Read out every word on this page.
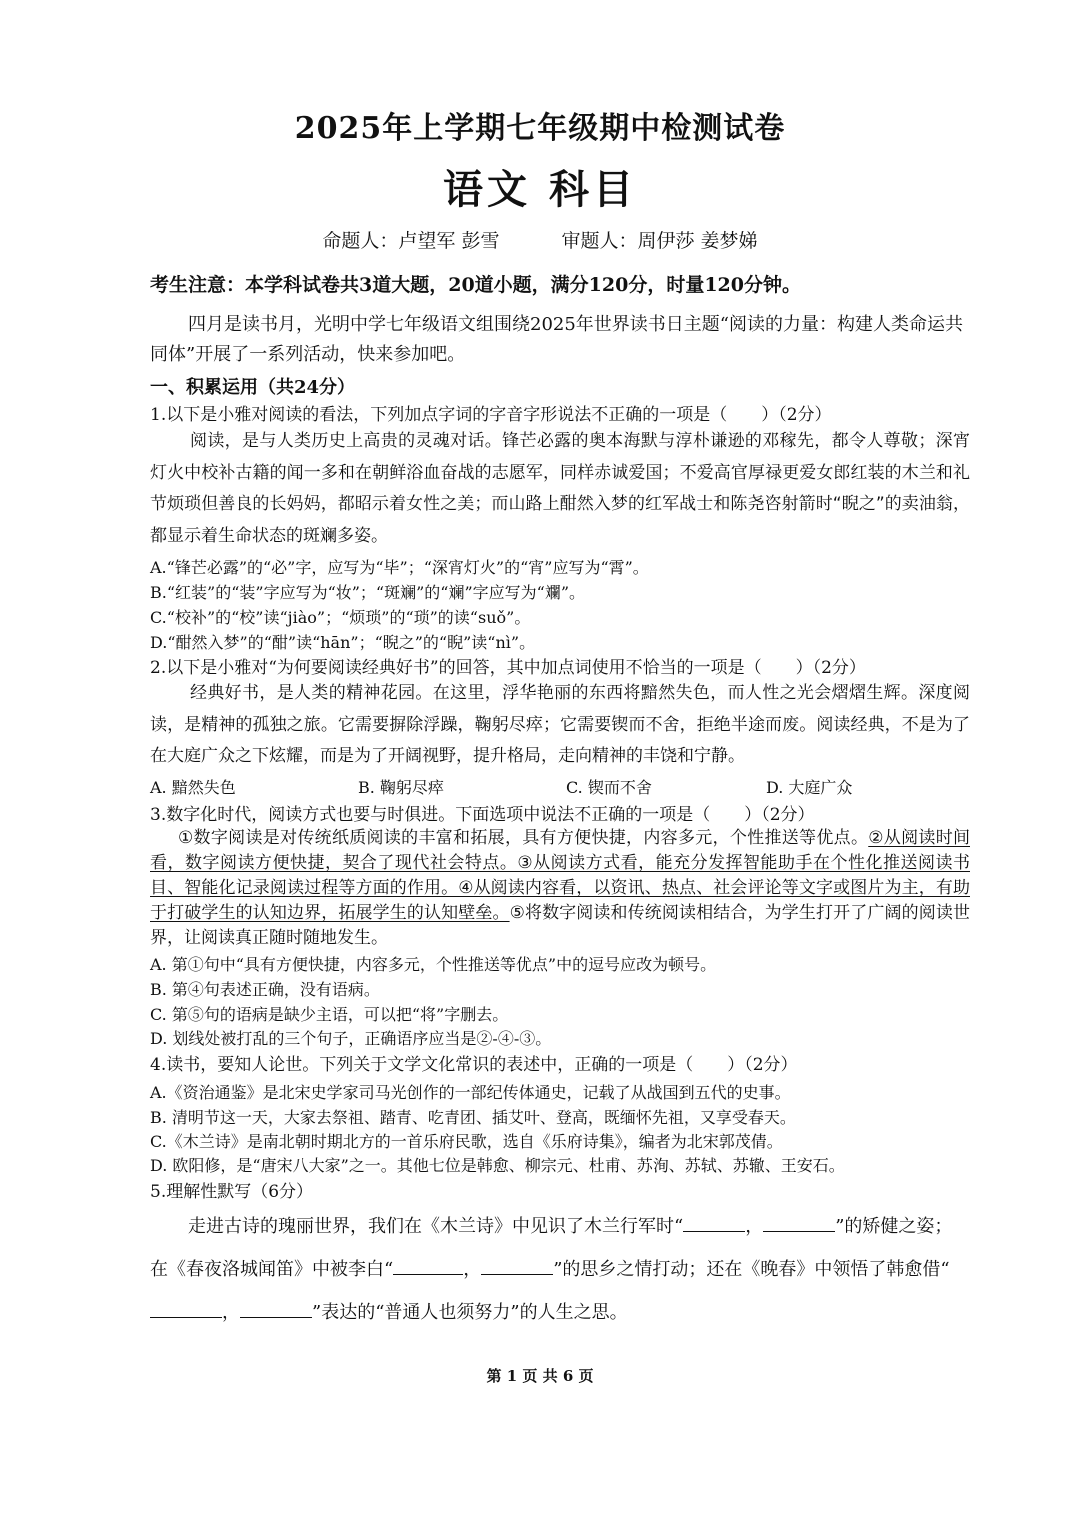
2025年上学期七年级期中检测试卷
语文 科目
命题人：卢望军 彭雪	审题人：周伊莎 姜梦娣
考生注意：本学科试卷共3道大题，20道小题，满分120分，时量120分钟。
四月是读书月，光明中学七年级语文组围绕2025年世界读书日主题“阅读的力量：构建人类命运共同体”开展了一系列活动，快来参加吧。
一、积累运用（共24分）
1.以下是小雅对阅读的看法，下列加点字词的字音字形说法不正确的一项是（　　）（2分）
阅读，是与人类历史上高贵的灵魂对话。锋芒必露的奥本海默与淳朴谦逊的邓稼先，都令人尊敬；深宵灯火中校补古籍的闻一多和在朝鲜浴血奋战的志愿军，同样赤诚爱国；不爱高官厚禄更爱女郎红装的木兰和礼节烦琐但善良的长妈妈，都昭示着女性之美；而山路上酣然入梦的红军战士和陈尧咨射箭时“睨之”的卖油翁，都显示着生命状态的斑斓多姿。
A.“锋芒必露”的“必”字，应写为“毕”；“深宵灯火”的“宵”应写为“霄”。
B.“红装”的“装”字应写为“妆”；“斑斓”的“斓”字应写为“斕”。
C.“校补”的“校”读“jiào”；“烦琐”的“琐”的读“suǒ”。
D.“酣然入梦”的“酣”读“hān”；“睨之”的“睨”读“nì”。
2.以下是小雅对“为何要阅读经典好书”的回答，其中加点词使用不恰当的一项是（　　）（2分）
经典好书，是人类的精神花园。在这里，浮华艳丽的东西将黯然失色，而人性之光会熠熠生辉。深度阅读，是精神的孤独之旅。它需要摒除浮躁，鞠躬尽瘁；它需要锲而不舍，拒绝半途而废。阅读经典，不是为了在大庭广众之下炫耀，而是为了开阔视野，提升格局，走向精神的丰饶和宁静。
A. 黯然失色	B. 鞠躬尽瘁	C. 锲而不舍	D. 大庭广众
3.数字化时代，阅读方式也要与时俱进。下面选项中说法不正确的一项是（　　）（2分）
①数字阅读是对传统纸质阅读的丰富和拓展，具有方便快捷，内容多元，个性推送等优点。②从阅读时间看，数字阅读方便快捷，契合了现代社会特点。③从阅读方式看，能充分发挥智能助手在个性化推送阅读书目、智能化记录阅读过程等方面的作用。④从阅读内容看，以资讯、热点、社会评论等文字或图片为主，有助于打破学生的认知边界，拓展学生的认知壁垒。⑤将数字阅读和传统阅读相结合，为学生打开了广阔的阅读世界，让阅读真正随时随地发生。
A. 第①句中“具有方便快捷，内容多元，个性推送等优点”中的逗号应改为顿号。
B. 第④句表述正确，没有语病。
C. 第⑤句的语病是缺少主语，可以把“将”字删去。
D. 划线处被打乱的三个句子，正确语序应当是②-④-③。
4.读书，要知人论世。下列关于文学文化常识的表述中，正确的一项是（　　）（2分）
A.《资治通鉴》是北宋史学家司马光创作的一部纪传体通史，记载了从战国到五代的史事。
B. 清明节这一天，大家去祭祖、踏青、吃青团、插艾叶、登高，既缅怀先祖，又享受春天。
C.《木兰诗》是南北朝时期北方的一首乐府民歌，选自《乐府诗集》，编者为北宋郭茂倩。
D. 欧阳修，是“唐宋八大家”之一。其他七位是韩愈、柳宗元、杜甫、苏洵、苏轼、苏辙、王安石。
5.理解性默写（6分）
走进古诗的瑰丽世界，我们在《木兰诗》中见识了木兰行军时“	，	”的矫健之姿；在《春夜洛城闻笛》中被李白“	，	”的思乡之情打动；还在《晚春》中领悟了韩愈借“，	”表达的“普通人也须努力”的人生之思。
第 1 页 共 6 页
